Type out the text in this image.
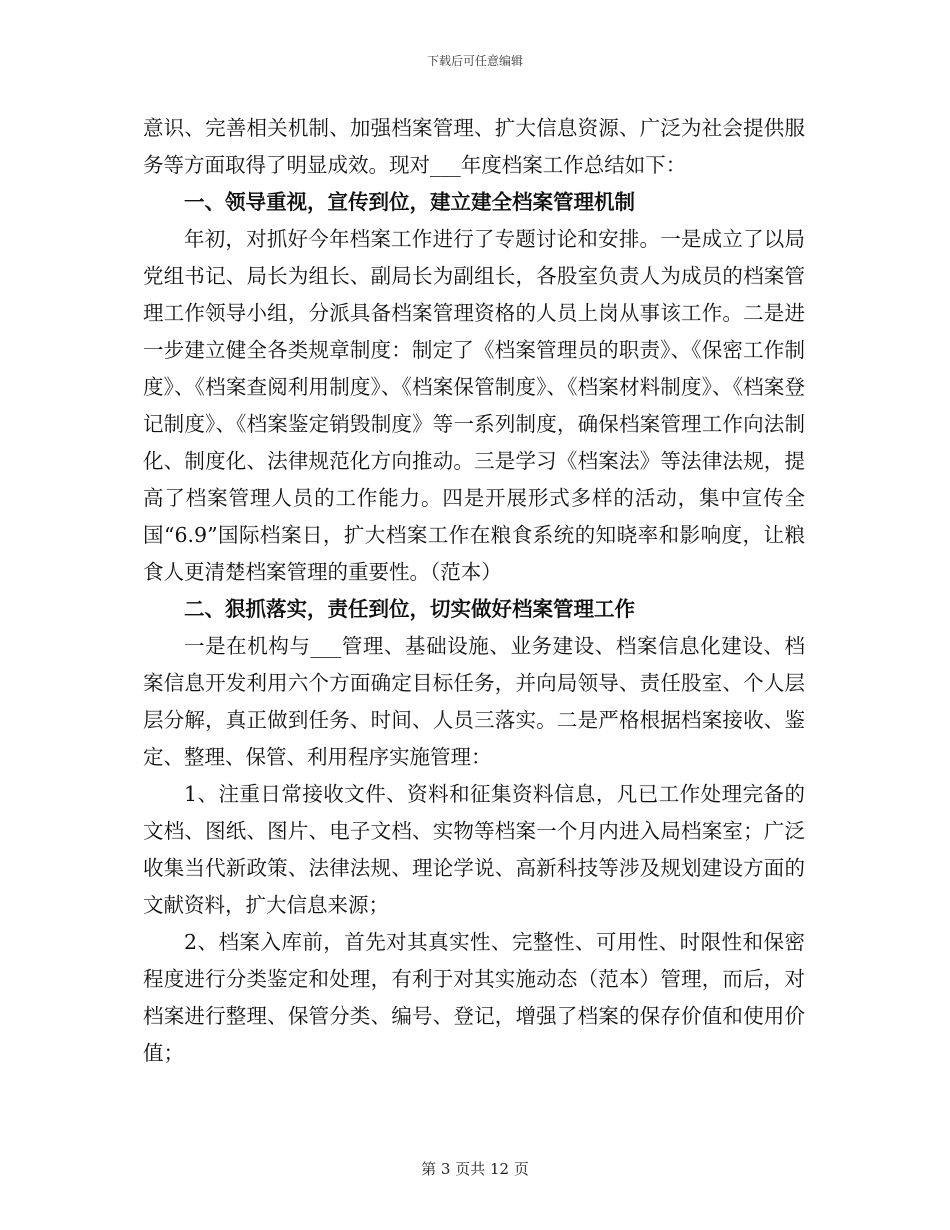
下载后可任意编辑

意识、完善相关机制、加强档案管理、扩大信息资源、广泛为社会提供服务等方面取得了明显成效。现对___年度档案工作总结如下：

一、领导重视，宣传到位，建立建全档案管理机制

年初，对抓好今年档案工作进行了专题讨论和安排。一是成立了以局党组书记、局长为组长、副局长为副组长，各股室负责人为成员的档案管理工作领导小组，分派具备档案管理资格的人员上岗从事该工作。二是进一步建立健全各类规章制度：制定了《档案管理员的职责》、《保密工作制度》、《档案查阅利用制度》、《档案保管制度》、《档案材料制度》、《档案登记制度》、《档案鉴定销毁制度》等一系列制度，确保档案管理工作向法制化、制度化、法律规范化方向推动。三是学习《档案法》等法律法规，提高了档案管理人员的工作能力。四是开展形式多样的活动，集中宣传全国“6.9”国际档案日，扩大档案工作在粮食系统的知晓率和影响度，让粮食人更清楚档案管理的重要性。（范本）

二、狠抓落实，责任到位，切实做好档案管理工作

一是在机构与___管理、基础设施、业务建设、档案信息化建设、档案信息开发利用六个方面确定目标任务，并向局领导、责任股室、个人层层分解，真正做到任务、时间、人员三落实。二是严格根据档案接收、鉴定、整理、保管、利用程序实施管理：

1、注重日常接收文件、资料和征集资料信息，凡已工作处理完备的文档、图纸、图片、电子文档、实物等档案一个月内进入局档案室；广泛收集当代新政策、法律法规、理论学说、高新科技等涉及规划建设方面的文献资料，扩大信息来源；

2、档案入库前，首先对其真实性、完整性、可用性、时限性和保密程度进行分类鉴定和处理，有利于对其实施动态（范本）管理，而后，对档案进行整理、保管分类、编号、登记，增强了档案的保存价值和使用价值；

第 3 页共 12 页
